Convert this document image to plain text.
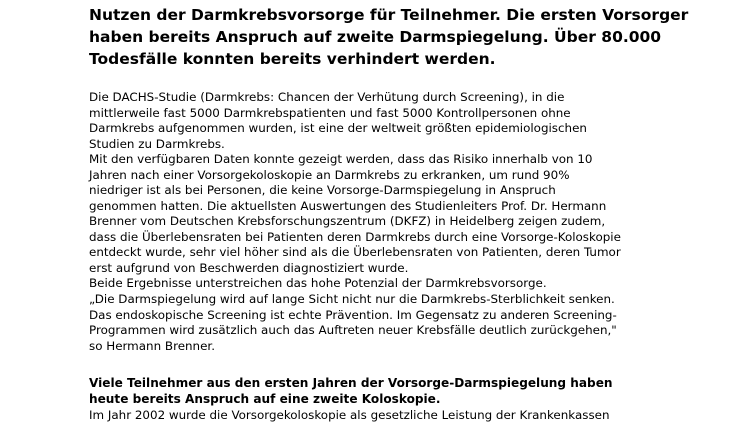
Nutzen der Darmkrebsvorsorge für Teilnehmer. Die ersten Vorsorger
haben bereits Anspruch auf zweite Darmspiegelung. Über 80.000
Todesfälle konnten bereits verhindert werden.
Die DACHS-Studie (Darmkrebs: Chancen der Verhütung durch Screening), in die
mittlerweile fast 5000 Darmkrebspatienten und fast 5000 Kontrollpersonen ohne
Darmkrebs aufgenommen wurden, ist eine der weltweit größten epidemiologischen
Studien zu Darmkrebs.
Mit den verfügbaren Daten konnte gezeigt werden, dass das Risiko innerhalb von 10
Jahren nach einer Vorsorgekoloskopie an Darmkrebs zu erkranken, um rund 90%
niedriger ist als bei Personen, die keine Vorsorge-Darmspiegelung in Anspruch
genommen hatten. Die aktuellsten Auswertungen des Studienleiters Prof. Dr. Hermann
Brenner vom Deutschen Krebsforschungszentrum (DKFZ) in Heidelberg zeigen zudem,
dass die Überlebensraten bei Patienten deren Darmkrebs durch eine Vorsorge-Koloskopie
entdeckt wurde, sehr viel höher sind als die Überlebensraten von Patienten, deren Tumor
erst aufgrund von Beschwerden diagnostiziert wurde.
Beide Ergebnisse unterstreichen das hohe Potenzial der Darmkrebsvorsorge.
„Die Darmspiegelung wird auf lange Sicht nicht nur die Darmkrebs-Sterblichkeit senken.
Das endoskopische Screening ist echte Prävention. Im Gegensatz zu anderen Screening-
Programmen wird zusätzlich auch das Auftreten neuer Krebsfälle deutlich zurückgehen,"
so Hermann Brenner.
Viele Teilnehmer aus den ersten Jahren der Vorsorge-Darmspiegelung haben
heute bereits Anspruch auf eine zweite Koloskopie.
Im Jahr 2002 wurde die Vorsorgekoloskopie als gesetzliche Leistung der Krankenkassen
